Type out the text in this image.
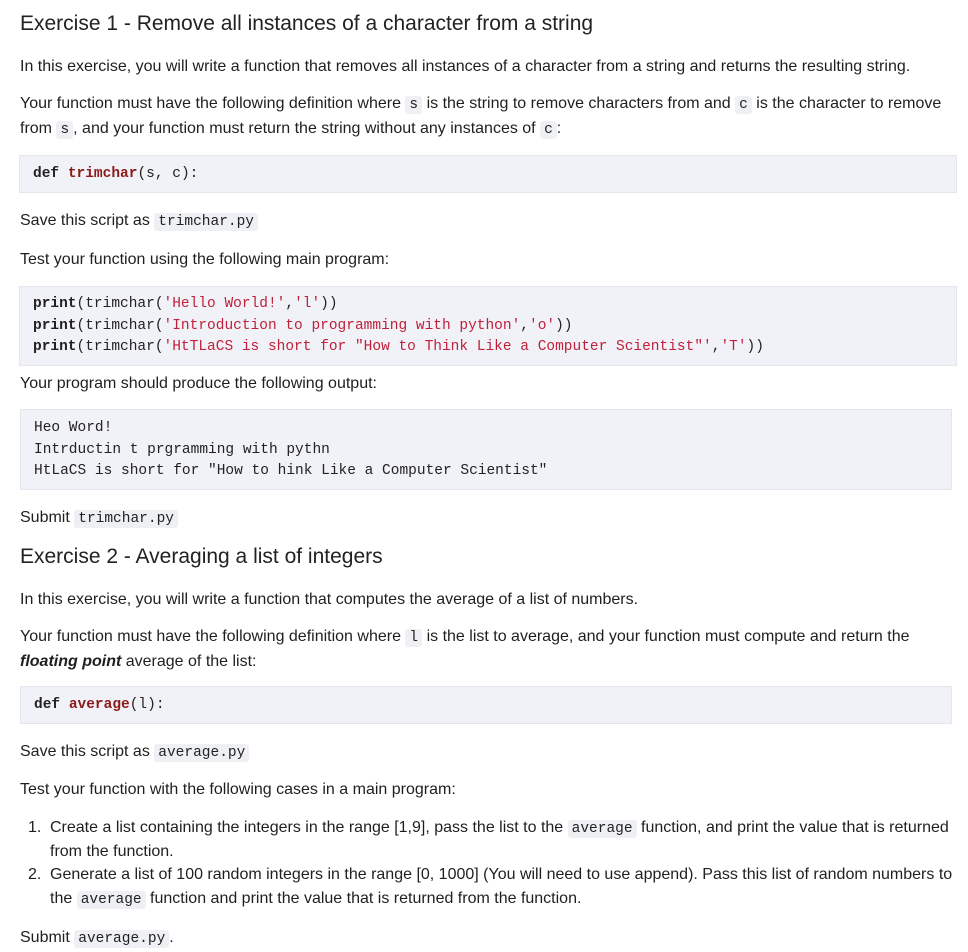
Exercise 1 - Remove all instances of a character from a string

In this exercise, you will write a function that removes all instances of a character from a string and returns the resulting string.

Your function must have the following definition where s is the string to remove characters from and c is the character to remove

from s , and your function must return the string without any instances of c :

def trimchar(s, c):

Save this script as trimchar.py

Test your function using the following main program:

print(trimchar('Hello World!','l'))
print(trimchar('Introduction to programming with python','o'))
print(trimchar('HtTLaCS is short for "How to Think Like a Computer Scientist"','T'))

Your program should produce the following output:

Heo Word!
Intrductin t prgramming with pythn
HtLaCS is short for "How to hink Like a Computer Scientist"

Submit trimchar.py

Exercise 2 - Averaging a list of integers

In this exercise, you will write a function that computes the average of a list of numbers.

Your function must have the following definition where l is the list to average, and your function must compute and return the

floating point average of the list:

def average(l):

Save this script as average.py

Test your function with the following cases in a main program:

1. Create a list containing the integers in the range [1,9], pass the list to the average function, and print the value that is returned
from the function.
2. Generate a list of 100 random integers in the range [0, 1000] (You will need to use append). Pass this list of random numbers to
the average function and print the value that is returned from the function.

Submit average.py .
